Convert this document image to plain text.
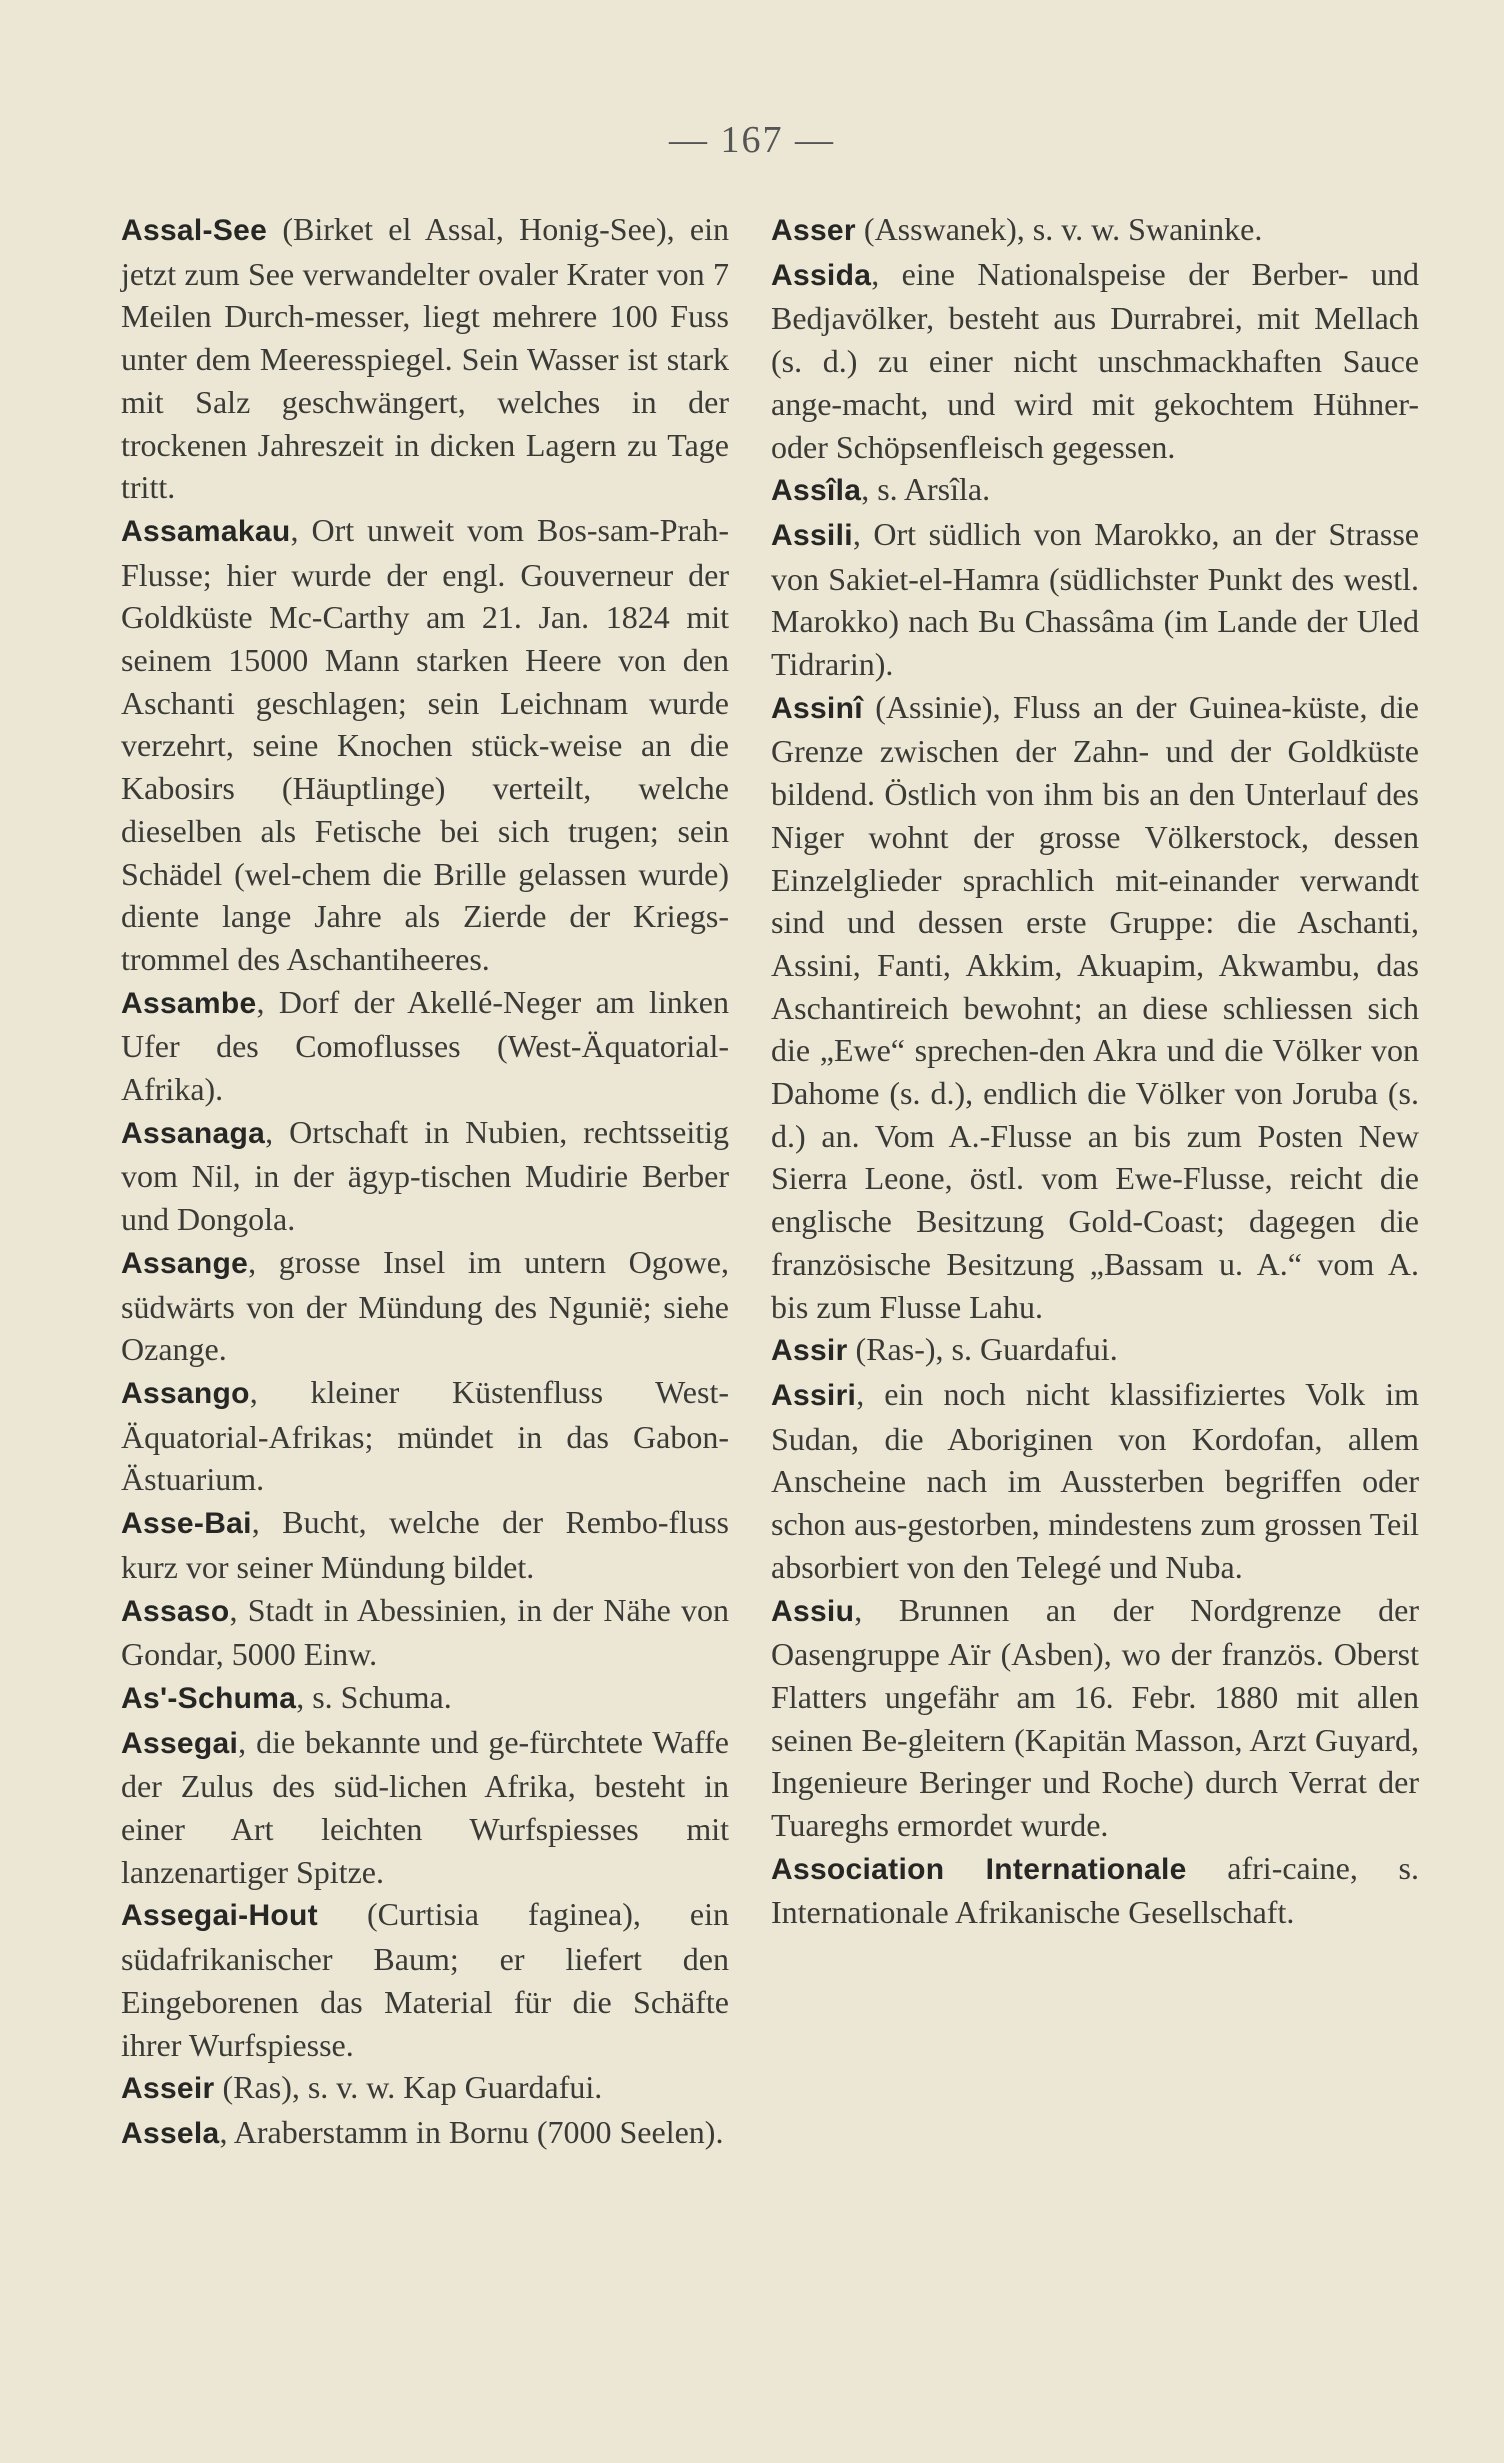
— 167 —

Assal-See (Birket el Assal, Honig-See), ein jetzt zum See verwandelter ovaler Krater von 7 Meilen Durch-messer, liegt mehrere 100 Fuss unter dem Meeresspiegel. Sein Wasser ist stark mit Salz geschwängert, welches in der trockenen Jahreszeit in dicken Lagern zu Tage tritt.

Assamakau, Ort unweit vom Bos-sam-Prah-Flusse; hier wurde der engl. Gouverneur der Goldküste Mc-Carthy am 21. Jan. 1824 mit seinem 15000 Mann starken Heere von den Aschanti geschlagen; sein Leichnam wurde verzehrt, seine Knochen stück-weise an die Kabosirs (Häuptlinge) verteilt, welche dieselben als Fetische bei sich trugen; sein Schädel (wel-chem die Brille gelassen wurde) diente lange Jahre als Zierde der Kriegs-trommel des Aschantiheeres.

Assambe, Dorf der Akellé-Neger am linken Ufer des Comoflusses (West-Äquatorial-Afrika).

Assanaga, Ortschaft in Nubien, rechtsseitig vom Nil, in der ägyp-tischen Mudirie Berber und Dongola.

Assange, grosse Insel im untern Ogowe, südwärts von der Mündung des Ngunië; siehe Ozange.

Assango, kleiner Küstenfluss West-Äquatorial-Afrikas; mündet in das Gabon-Ästuarium.

Asse-Bai, Bucht, welche der Rembo-fluss kurz vor seiner Mündung bildet.

Assaso, Stadt in Abessinien, in der Nähe von Gondar, 5000 Einw.

As'-Schuma, s. Schuma.

Assegai, die bekannte und ge-fürchtete Waffe der Zulus des süd-lichen Afrika, besteht in einer Art leichten Wurfspiesses mit lanzenartiger Spitze.

Assegai-Hout (Curtisia faginea), ein südafrikanischer Baum; er liefert den Eingeborenen das Material für die Schäfte ihrer Wurfspiesse.

Asseir (Ras), s. v. w. Kap Guardafui.

Assela, Araberstamm in Bornu (7000 Seelen).

Asser (Asswanek), s. v. w. Swaninke.

Assida, eine Nationalspeise der Berber- und Bedjavölker, besteht aus Durrabrei, mit Mellach (s. d.) zu einer nicht unschmackhaften Sauce ange-macht, und wird mit gekochtem Hühner- oder Schöpsenfleisch gegessen.

Assîla, s. Arsîla.

Assili, Ort südlich von Marokko, an der Strasse von Sakiet-el-Hamra (südlichster Punkt des westl. Marokko) nach Bu Chassâma (im Lande der Uled Tidrarin).

Assinî (Assinie), Fluss an der Guinea-küste, die Grenze zwischen der Zahn- und der Goldküste bildend. Östlich von ihm bis an den Unterlauf des Niger wohnt der grosse Völkerstock, dessen Einzelglieder sprachlich mit-einander verwandt sind und dessen erste Gruppe: die Aschanti, Assini, Fanti, Akkim, Akuapim, Akwambu, das Aschantireich bewohnt; an diese schliessen sich die „Ewe“ sprechen-den Akra und die Völker von Dahome (s. d.), endlich die Völker von Joruba (s. d.) an. Vom A.-Flusse an bis zum Posten New Sierra Leone, östl. vom Ewe-Flusse, reicht die englische Besitzung Gold-Coast; dagegen die französische Besitzung „Bassam u. A.“ vom A. bis zum Flusse Lahu.

Assir (Ras-), s. Guardafui.

Assiri, ein noch nicht klassifiziertes Volk im Sudan, die Aboriginen von Kordofan, allem Anscheine nach im Aussterben begriffen oder schon aus-gestorben, mindestens zum grossen Teil absorbiert von den Telegé und Nuba.

Assiu, Brunnen an der Nordgrenze der Oasengruppe Aïr (Asben), wo der französ. Oberst Flatters ungefähr am 16. Febr. 1880 mit allen seinen Be-gleitern (Kapitän Masson, Arzt Guyard, Ingenieure Beringer und Roche) durch Verrat der Tuareghs ermordet wurde.

Association Internationale afri-caine, s. Internationale Afrikanische Gesellschaft.
